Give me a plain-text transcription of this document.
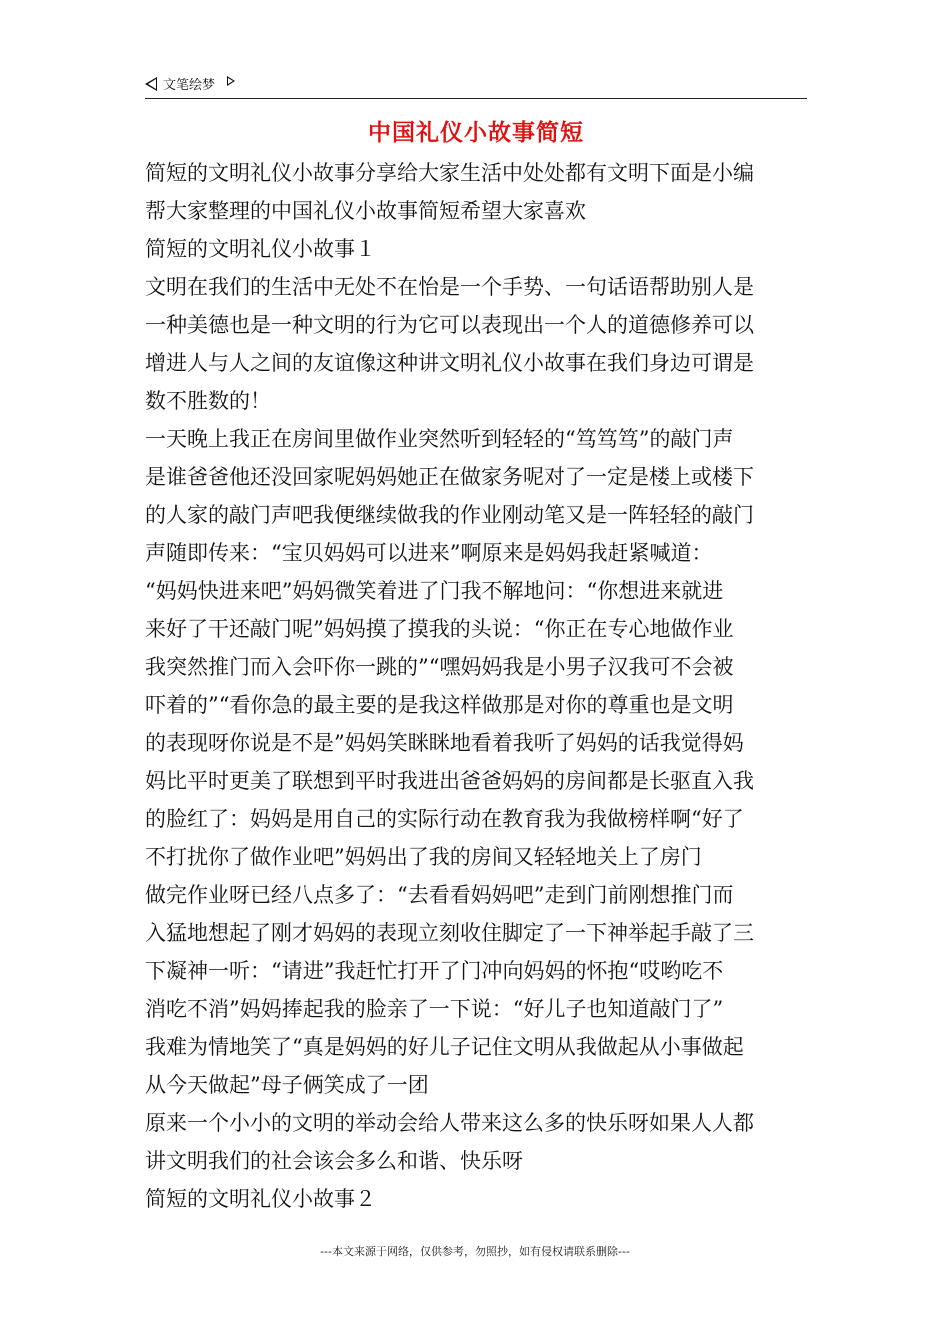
文笔绘梦
中国礼仪小故事简短
简短的文明礼仪小故事分享给大家生活中处处都有文明下面是小编
帮大家整理的中国礼仪小故事简短希望大家喜欢
简短的文明礼仪小故事１
文明在我们的生活中无处不在怡是一个手势、一句话语帮助别人是
一种美德也是一种文明的行为它可以表现出一个人的道德修养可以
增进人与人之间的友谊像这种讲文明礼仪小故事在我们身边可谓是
数不胜数的！
一天晚上我正在房间里做作业突然听到轻轻的“笃笃笃”的敲门声
是谁爸爸他还没回家呢妈妈她正在做家务呢对了一定是楼上或楼下
的人家的敲门声吧我便继续做我的作业刚动笔又是一阵轻轻的敲门
声随即传来：“宝贝妈妈可以进来”啊原来是妈妈我赶紧喊道：
“妈妈快进来吧”妈妈微笑着进了门我不解地问：“你想进来就进
来好了干还敲门呢”妈妈摸了摸我的头说：“你正在专心地做作业
我突然推门而入会吓你一跳的”“嘿妈妈我是小男子汉我可不会被
吓着的”“看你急的最主要的是我这样做那是对你的尊重也是文明
的表现呀你说是不是”妈妈笑眯眯地看着我听了妈妈的话我觉得妈
妈比平时更美了联想到平时我进出爸爸妈妈的房间都是长驱直入我
的脸红了：妈妈是用自己的实际行动在教育我为我做榜样啊“好了
不打扰你了做作业吧”妈妈出了我的房间又轻轻地关上了房门
做完作业呀已经八点多了：“去看看妈妈吧”走到门前刚想推门而
入猛地想起了刚才妈妈的表现立刻收住脚定了一下神举起手敲了三
下凝神一听：“请进”我赶忙打开了门冲向妈妈的怀抱“哎哟吃不
消吃不消”妈妈捧起我的脸亲了一下说：“好儿子也知道敲门了”
我难为情地笑了“真是妈妈的好儿子记住文明从我做起从小事做起
从今天做起”母子俩笑成了一团
原来一个小小的文明的举动会给人带来这么多的快乐呀如果人人都
讲文明我们的社会该会多么和谐、快乐呀
简短的文明礼仪小故事２
---本文来源于网络，仅供参考，勿照抄，如有侵权请联系删除---
